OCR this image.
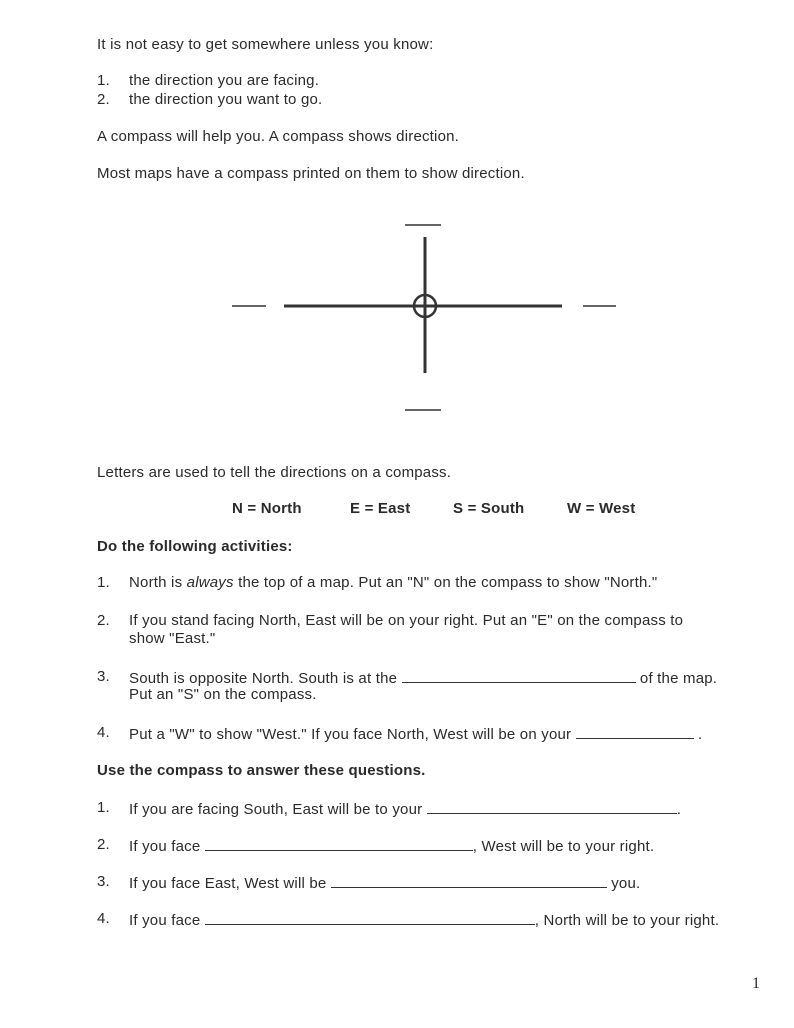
It is not easy to get somewhere unless you know:
1. the direction you are facing.
2. the direction you want to go.
A compass will help you. A compass shows direction.
Most maps have a compass printed on them to show direction.
Letters are used to tell the directions on a compass.
N = North	E = East	S = South	W = West
Do the following activities:
1. North is always the top of a map. Put an "N" on the compass to show "North."
2. If you stand facing North, East will be on your right. Put an "E" on the compass to
show "East."
3. South is opposite North. South is at the	of the map.
Put an "S" on the compass.
4. Put a "W" to show "West." If you face North, West will be on your	.
Use the compass to answer these questions.
1. If you are facing South, East will be to your	.
2. If you face	, West will be to your right.
3. If you face East, West will be	you.
4. If you face	, North will be to your right.
1
